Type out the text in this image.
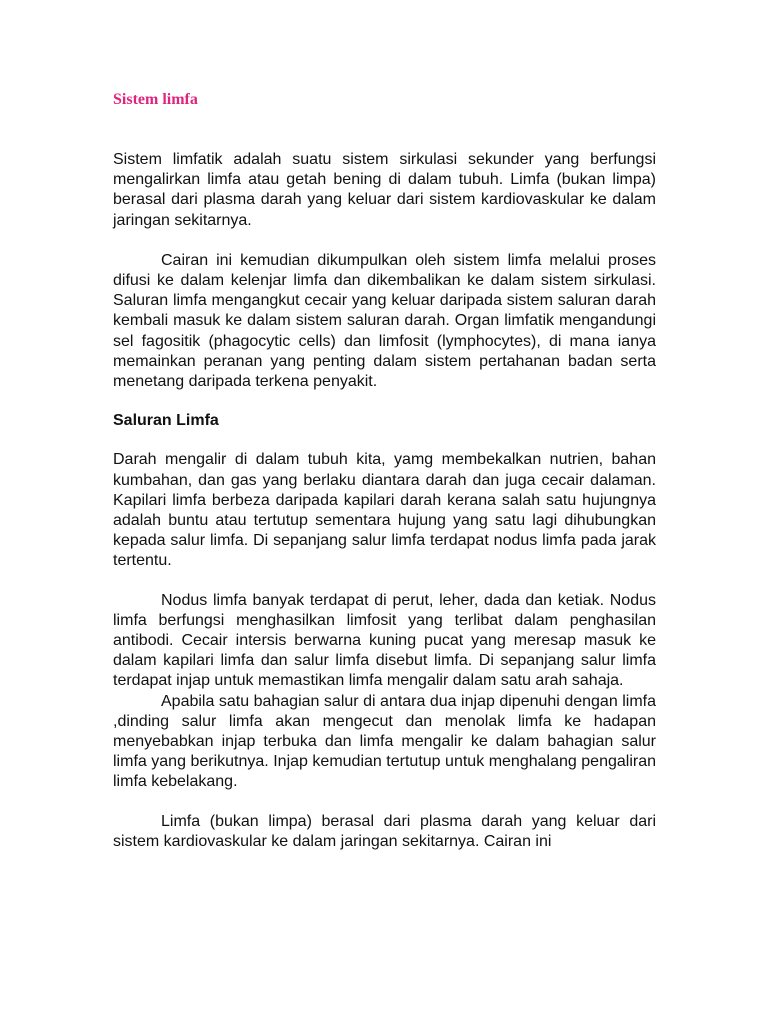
Sistem limfa

Sistem limfatik adalah suatu sistem sirkulasi sekunder yang berfungsi mengalirkan limfa atau getah bening di dalam tubuh. Limfa (bukan limpa) berasal dari plasma darah yang keluar dari sistem kardiovaskular ke dalam jaringan sekitarnya.

Cairan ini kemudian dikumpulkan oleh sistem limfa melalui proses difusi ke dalam kelenjar limfa dan dikembalikan ke dalam sistem sirkulasi. Saluran limfa mengangkut cecair yang keluar daripada sistem saluran darah kembali masuk ke dalam sistem saluran darah. Organ limfatik mengandungi sel fagositik (phagocytic cells) dan limfosit (lymphocytes), di mana ianya memainkan peranan yang penting dalam sistem pertahanan badan serta menetang daripada terkena penyakit.

Saluran Limfa

Darah mengalir di dalam tubuh kita, yamg membekalkan nutrien, bahan kumbahan, dan gas yang berlaku diantara darah dan juga cecair dalaman. Kapilari limfa berbeza daripada kapilari darah kerana salah satu hujungnya adalah buntu atau tertutup sementara hujung yang satu lagi dihubungkan kepada salur limfa. Di sepanjang salur limfa terdapat nodus limfa pada jarak tertentu.

Nodus limfa banyak terdapat di perut, leher, dada dan ketiak. Nodus limfa berfungsi menghasilkan limfosit yang terlibat dalam penghasilan antibodi. Cecair intersis berwarna kuning pucat yang meresap masuk ke dalam kapilari limfa dan salur limfa disebut limfa. Di sepanjang salur limfa terdapat injap untuk memastikan limfa mengalir dalam satu arah sahaja.

Apabila satu bahagian salur di antara dua injap dipenuhi dengan limfa ,dinding salur limfa akan mengecut dan menolak limfa ke hadapan menyebabkan injap terbuka dan limfa mengalir ke dalam bahagian salur limfa yang berikutnya. Injap kemudian tertutup untuk menghalang pengaliran limfa kebelakang.

Limfa (bukan limpa) berasal dari plasma darah yang keluar dari sistem kardiovaskular ke dalam jaringan sekitarnya. Cairan ini
